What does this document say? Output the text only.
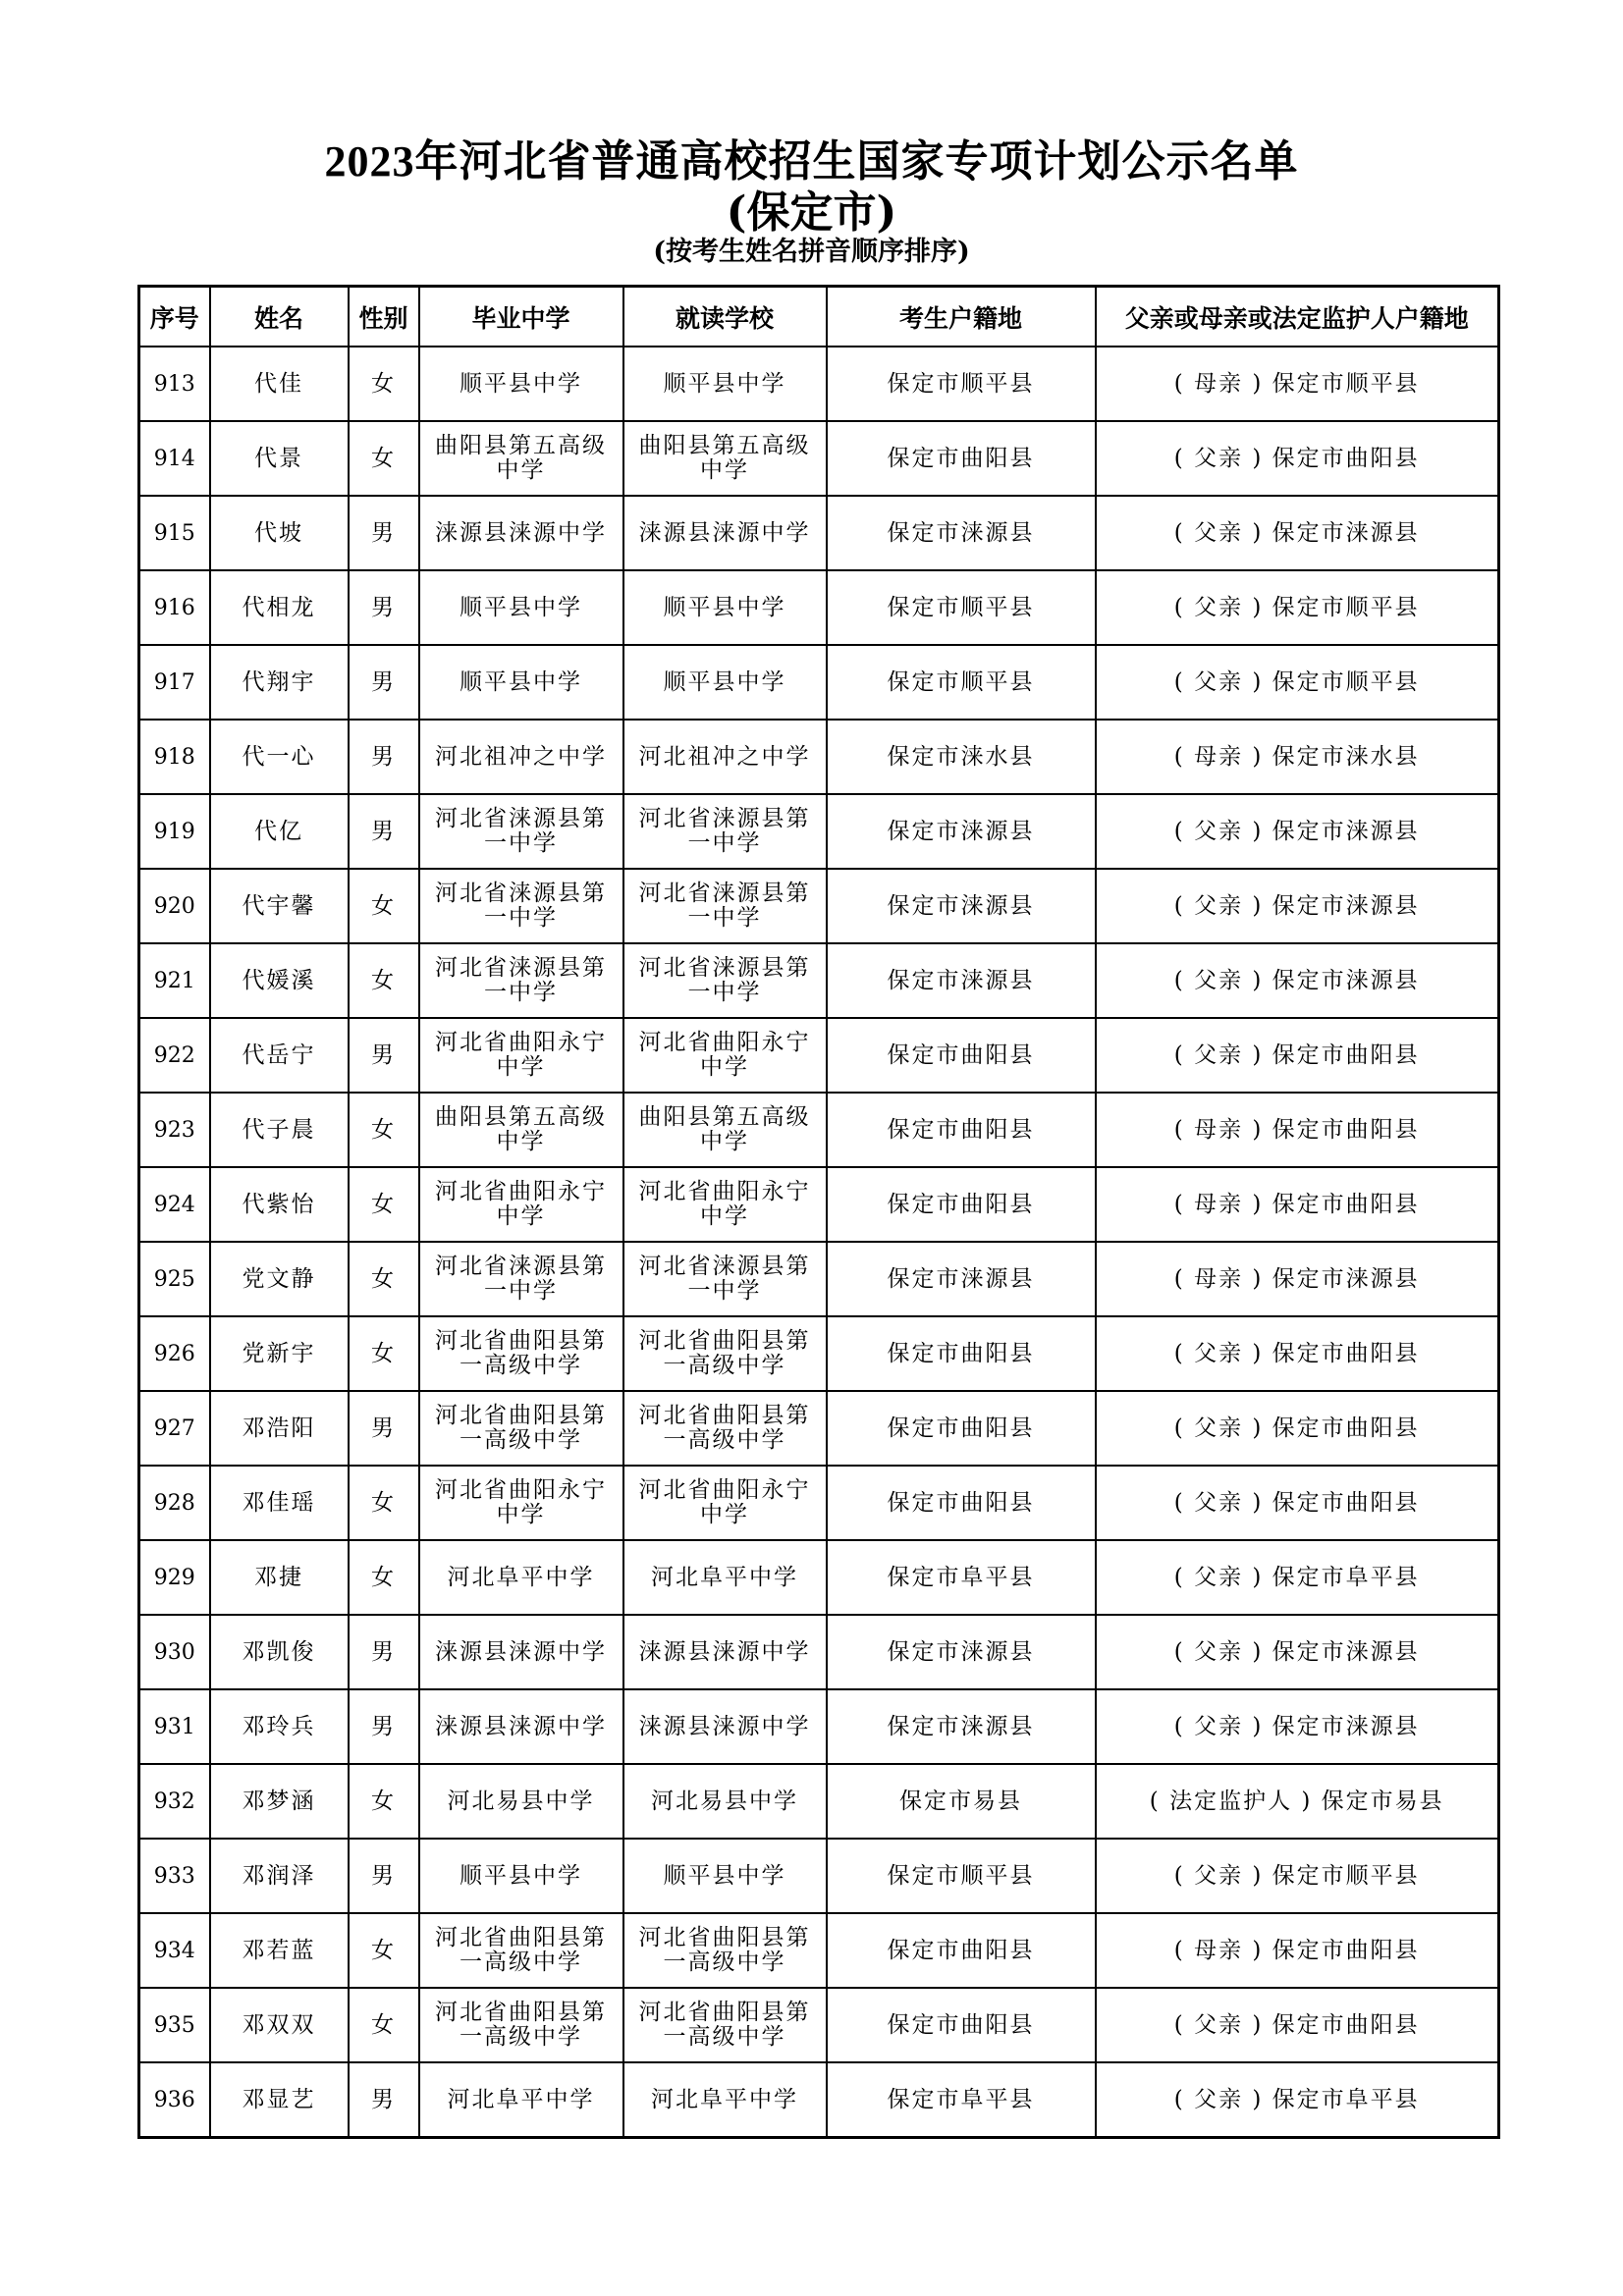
2023年河北省普通高校招生国家专项计划公示名单
(保定市)
(按考生姓名拼音顺序排序)
序号	姓名	性别	毕业中学	就读学校	考生户籍地	父亲或母亲或法定监护人户籍地
913	代佳	女	顺平县中学	顺平县中学	保定市顺平县	( 母亲 ) 保定市顺平县
914	代景	女	曲阳县第五高级中学	曲阳县第五高级中学	保定市曲阳县	( 父亲 ) 保定市曲阳县
915	代坡	男	涞源县涞源中学	涞源县涞源中学	保定市涞源县	( 父亲 ) 保定市涞源县
916	代相龙	男	顺平县中学	顺平县中学	保定市顺平县	( 父亲 ) 保定市顺平县
917	代翔宇	男	顺平县中学	顺平县中学	保定市顺平县	( 父亲 ) 保定市顺平县
918	代一心	男	河北祖冲之中学	河北祖冲之中学	保定市涞水县	( 母亲 ) 保定市涞水县
919	代亿	男	河北省涞源县第一中学	河北省涞源县第一中学	保定市涞源县	( 父亲 ) 保定市涞源县
920	代宇馨	女	河北省涞源县第一中学	河北省涞源县第一中学	保定市涞源县	( 父亲 ) 保定市涞源县
921	代媛溪	女	河北省涞源县第一中学	河北省涞源县第一中学	保定市涞源县	( 父亲 ) 保定市涞源县
922	代岳宁	男	河北省曲阳永宁中学	河北省曲阳永宁中学	保定市曲阳县	( 父亲 ) 保定市曲阳县
923	代子晨	女	曲阳县第五高级中学	曲阳县第五高级中学	保定市曲阳县	( 母亲 ) 保定市曲阳县
924	代紫怡	女	河北省曲阳永宁中学	河北省曲阳永宁中学	保定市曲阳县	( 母亲 ) 保定市曲阳县
925	党文静	女	河北省涞源县第一中学	河北省涞源县第一中学	保定市涞源县	( 母亲 ) 保定市涞源县
926	党新宇	女	河北省曲阳县第一高级中学	河北省曲阳县第一高级中学	保定市曲阳县	( 父亲 ) 保定市曲阳县
927	邓浩阳	男	河北省曲阳县第一高级中学	河北省曲阳县第一高级中学	保定市曲阳县	( 父亲 ) 保定市曲阳县
928	邓佳瑶	女	河北省曲阳永宁中学	河北省曲阳永宁中学	保定市曲阳县	( 父亲 ) 保定市曲阳县
929	邓捷	女	河北阜平中学	河北阜平中学	保定市阜平县	( 父亲 ) 保定市阜平县
930	邓凯俊	男	涞源县涞源中学	涞源县涞源中学	保定市涞源县	( 父亲 ) 保定市涞源县
931	邓玲兵	男	涞源县涞源中学	涞源县涞源中学	保定市涞源县	( 父亲 ) 保定市涞源县
932	邓梦涵	女	河北易县中学	河北易县中学	保定市易县	( 法定监护人 ) 保定市易县
933	邓润泽	男	顺平县中学	顺平县中学	保定市顺平县	( 父亲 ) 保定市顺平县
934	邓若蓝	女	河北省曲阳县第一高级中学	河北省曲阳县第一高级中学	保定市曲阳县	( 母亲 ) 保定市曲阳县
935	邓双双	女	河北省曲阳县第一高级中学	河北省曲阳县第一高级中学	保定市曲阳县	( 父亲 ) 保定市曲阳县
936	邓显艺	男	河北阜平中学	河北阜平中学	保定市阜平县	( 父亲 ) 保定市阜平县
